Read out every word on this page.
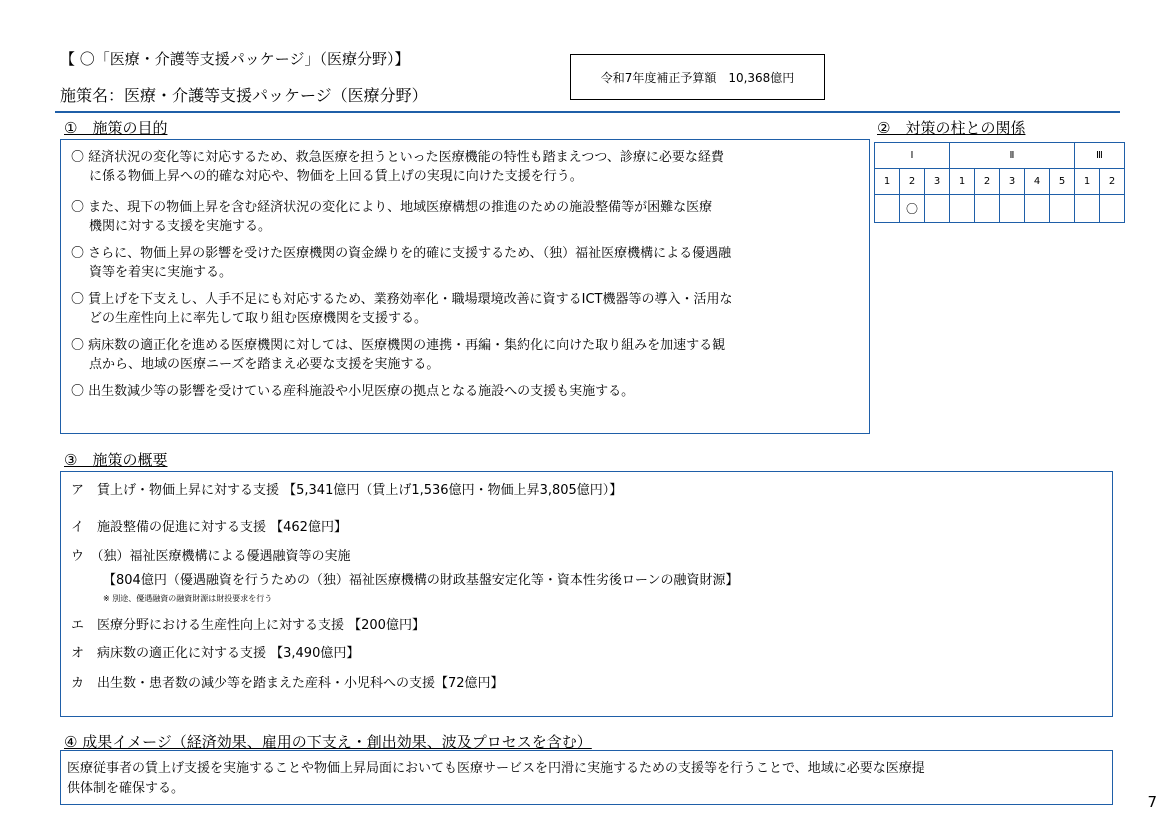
【 〇「医療・介護等支援パッケージ」（医療分野）】
施策名：医療・介護等支援パッケージ（医療分野）
令和7年度補正予算額　10,368億円
①　施策の目的
〇 経済状況の変化等に対応するため、救急医療を担うといった医療機能の特性も踏まえつつ、診療に必要な経費
に係る物価上昇への的確な対応や、物価を上回る賃上げの実現に向けた支援を行う。
〇 また、現下の物価上昇を含む経済状況の変化により、地域医療構想の推進のための施設整備等が困難な医療
機関に対する支援を実施する。
〇 さらに、物価上昇の影響を受けた医療機関の資金繰りを的確に支援するため、（独）福祉医療機構による優遇融
資等を着実に実施する。
〇 賃上げを下支えし、人手不足にも対応するため、業務効率化・職場環境改善に資するICT機器等の導入・活用な
どの生産性向上に率先して取り組む医療機関を支援する。
〇 病床数の適正化を進める医療機関に対しては、医療機関の連携・再編・集約化に向けた取り組みを加速する観
点から、地域の医療ニーズを踏まえ必要な支援を実施する。
〇 出生数減少等の影響を受けている産科施設や小児医療の拠点となる施設への支援も実施する。
②　対策の柱との関係
Ⅰ			Ⅱ					Ⅲ	
1	2	3	1	2	3	4	5	1	2
	〇								
③　施策の概要
ア　賃上げ・物価上昇に対する支援 【5,341億円（賃上げ1,536億円・物価上昇3,805億円）】
イ　施設整備の促進に対する支援 【462億円】
ウ　（独）福祉医療機構による優遇融資等の実施
【804億円（優遇融資を行うための（独）福祉医療機構の財政基盤安定化等・資本性劣後ローンの融資財源】
※ 別途、優遇融資の融資財源は財投要求を行う
エ　医療分野における生産性向上に対する支援 【200億円】
オ　病床数の適正化に対する支援 【3,490億円】
カ　出生数・患者数の減少等を踏まえた産科・小児科への支援【72億円】
④ 成果イメージ（経済効果、雇用の下支え・創出効果、波及プロセスを含む）
医療従事者の賃上げ支援を実施することや物価上昇局面においても医療サービスを円滑に実施するための支援等を行うことで、地域に必要な医療提
供体制を確保する。
7
